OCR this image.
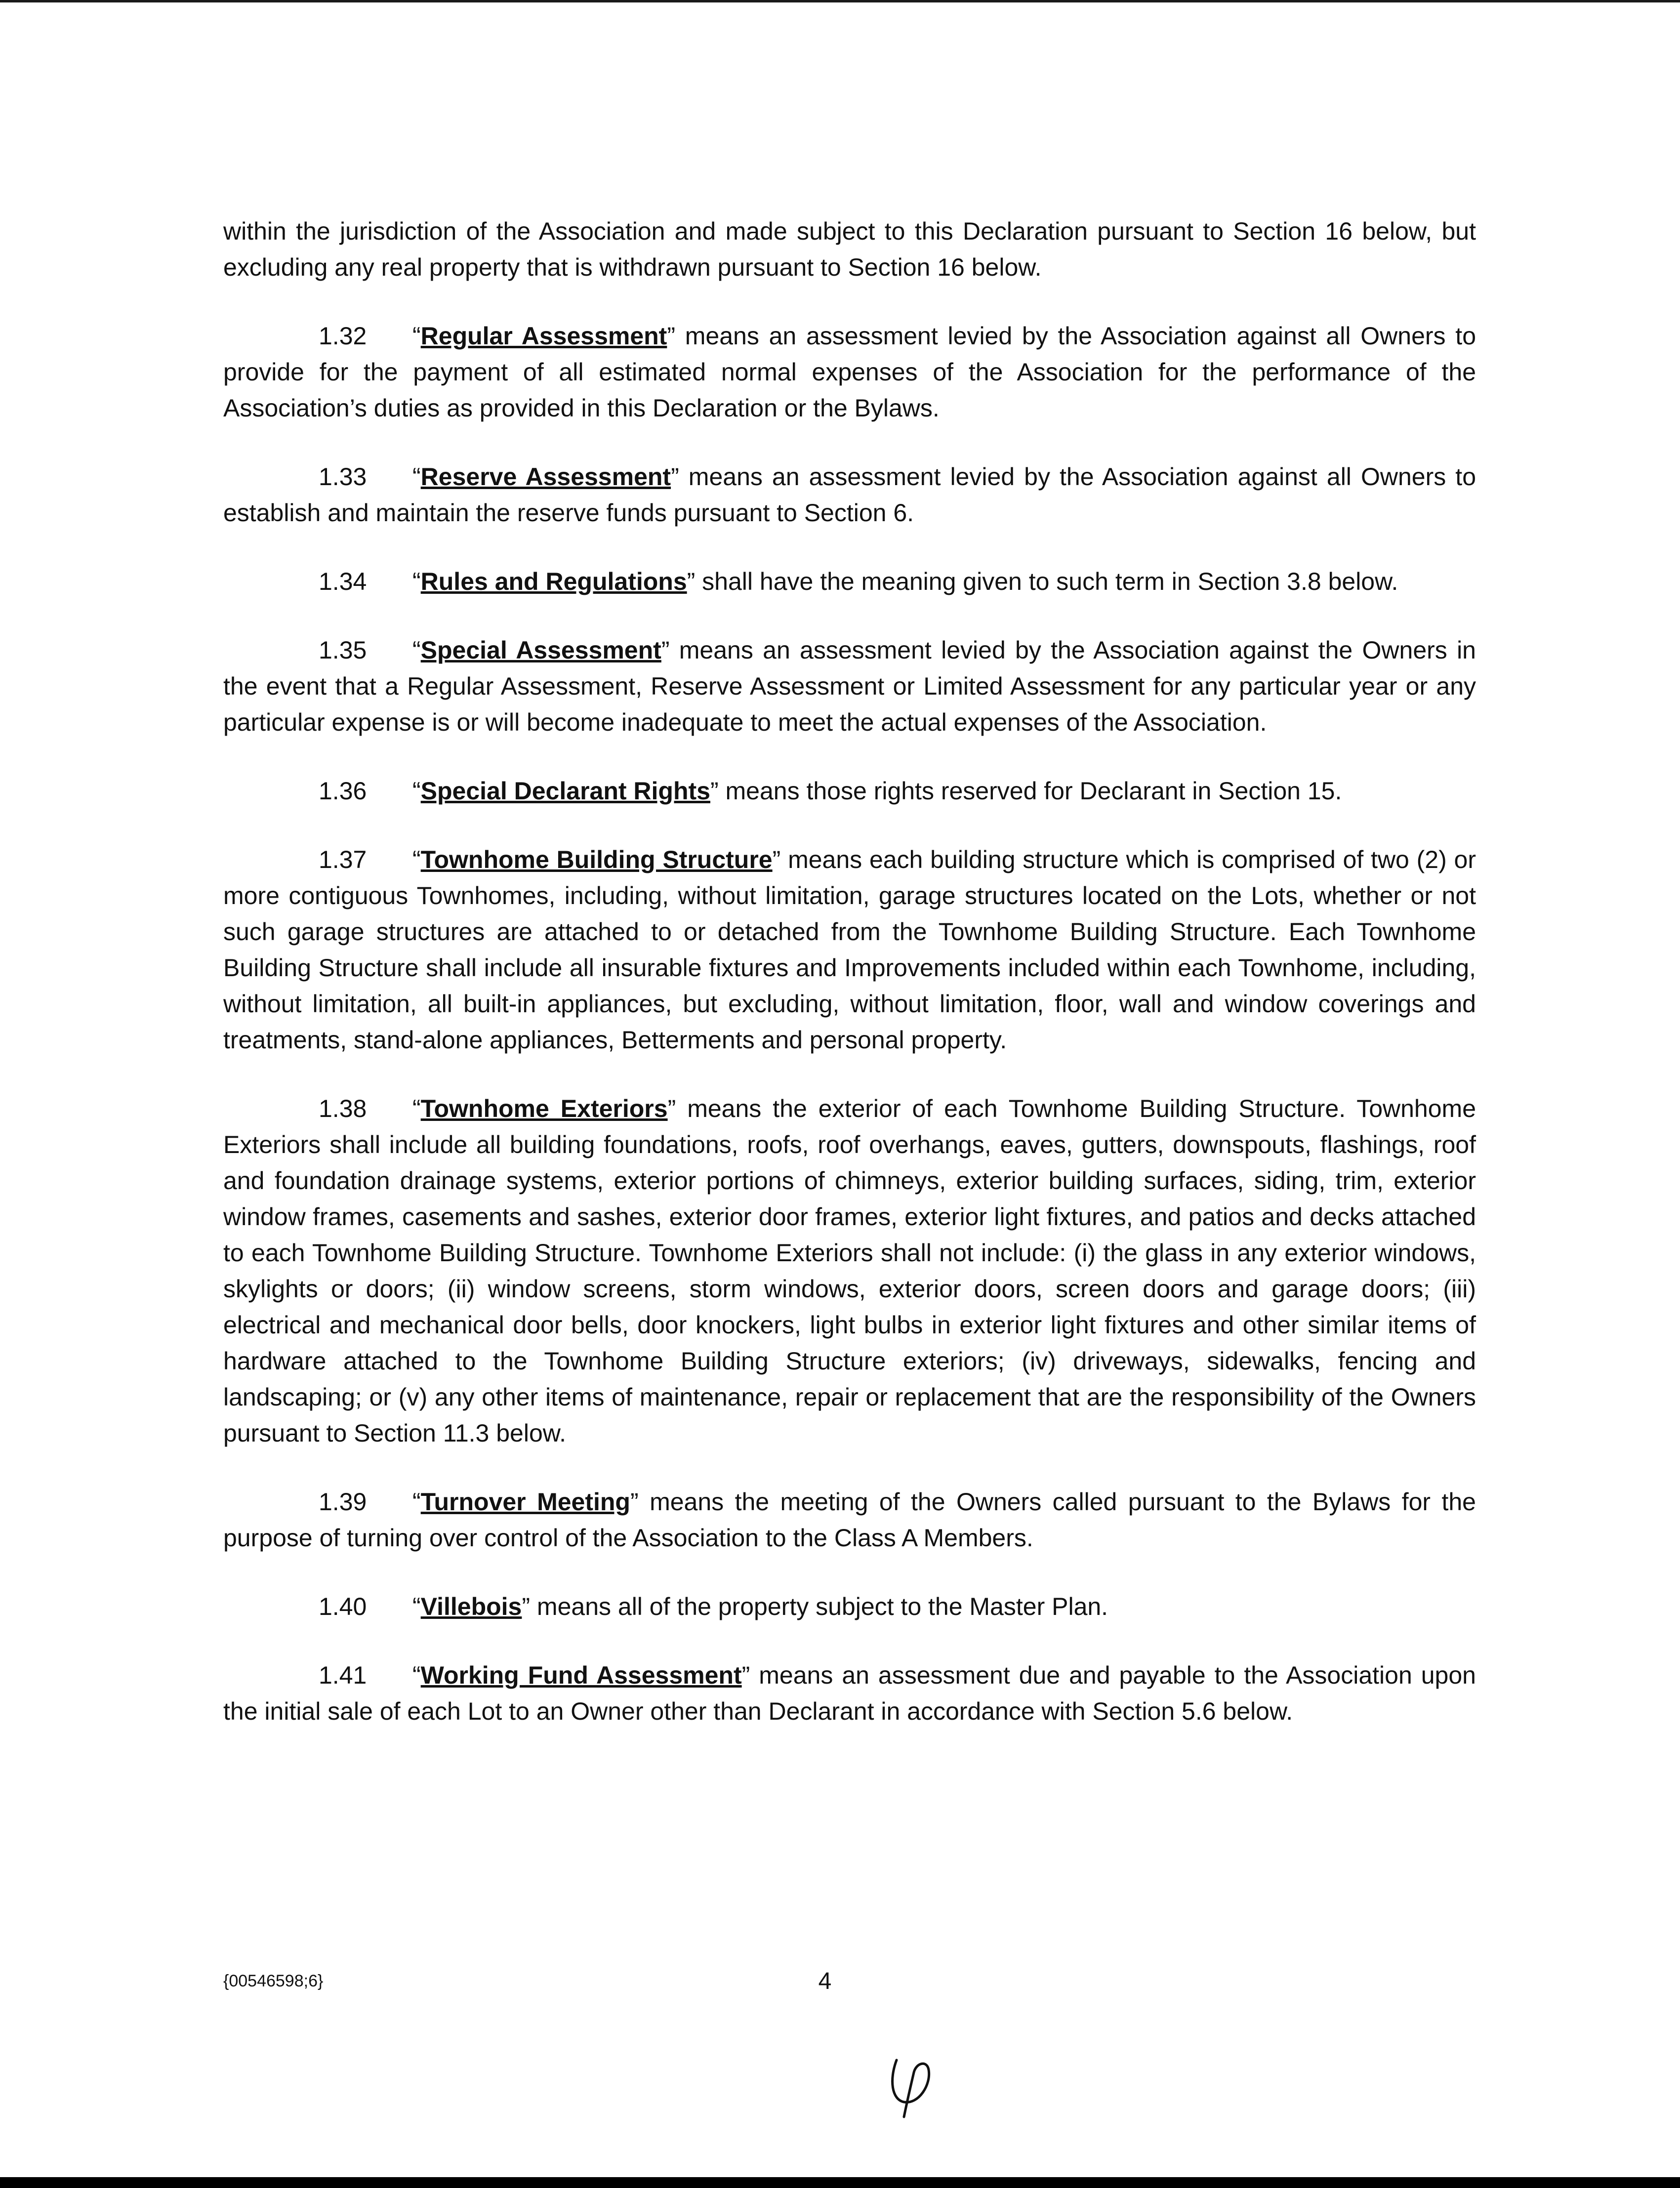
within the jurisdiction of the Association and made subject to this Declaration pursuant to Section 16 below, but excluding any real property that is withdrawn pursuant to Section 16 below.

1.32 “Regular Assessment” means an assessment levied by the Association against all Owners to provide for the payment of all estimated normal expenses of the Association for the performance of the Association’s duties as provided in this Declaration or the Bylaws.

1.33 “Reserve Assessment” means an assessment levied by the Association against all Owners to establish and maintain the reserve funds pursuant to Section 6.

1.34 “Rules and Regulations” shall have the meaning given to such term in Section 3.8 below.

1.35 “Special Assessment” means an assessment levied by the Association against the Owners in the event that a Regular Assessment, Reserve Assessment or Limited Assessment for any particular year or any particular expense is or will become inadequate to meet the actual expenses of the Association.

1.36 “Special Declarant Rights” means those rights reserved for Declarant in Section 15.

1.37 “Townhome Building Structure” means each building structure which is comprised of two (2) or more contiguous Townhomes, including, without limitation, garage structures located on the Lots, whether or not such garage structures are attached to or detached from the Townhome Building Structure. Each Townhome Building Structure shall include all insurable fixtures and Improvements included within each Townhome, including, without limitation, all built-in appliances, but excluding, without limitation, floor, wall and window coverings and treatments, stand-alone appliances, Betterments and personal property.

1.38 “Townhome Exteriors” means the exterior of each Townhome Building Structure. Townhome Exteriors shall include all building foundations, roofs, roof overhangs, eaves, gutters, downspouts, flashings, roof and foundation drainage systems, exterior portions of chimneys, exterior building surfaces, siding, trim, exterior window frames, casements and sashes, exterior door frames, exterior light fixtures, and patios and decks attached to each Townhome Building Structure. Townhome Exteriors shall not include: (i) the glass in any exterior windows, skylights or doors; (ii) window screens, storm windows, exterior doors, screen doors and garage doors; (iii) electrical and mechanical door bells, door knockers, light bulbs in exterior light fixtures and other similar items of hardware attached to the Townhome Building Structure exteriors; (iv) driveways, sidewalks, fencing and landscaping; or (v) any other items of maintenance, repair or replacement that are the responsibility of the Owners pursuant to Section 11.3 below.

1.39 “Turnover Meeting” means the meeting of the Owners called pursuant to the Bylaws for the purpose of turning over control of the Association to the Class A Members.

1.40 “Villebois” means all of the property subject to the Master Plan.

1.41 “Working Fund Assessment” means an assessment due and payable to the Association upon the initial sale of each Lot to an Owner other than Declarant in accordance with Section 5.6 below.

{00546598;6}	4
